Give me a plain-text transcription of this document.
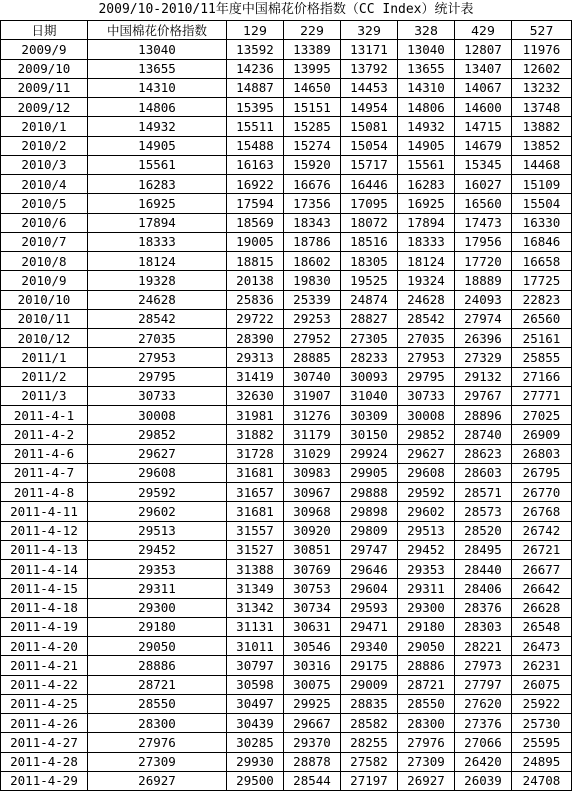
2009/10-2010/11年度中国棉花价格指数（CC Index）统计表
日期	中国棉花价格指数	129	229	329	328	429	527
2009/9	13040	13592	13389	13171	13040	12807	11976
2009/10	13655	14236	13995	13792	13655	13407	12602
2009/11	14310	14887	14650	14453	14310	14067	13232
2009/12	14806	15395	15151	14954	14806	14600	13748
2010/1	14932	15511	15285	15081	14932	14715	13882
2010/2	14905	15488	15274	15054	14905	14679	13852
2010/3	15561	16163	15920	15717	15561	15345	14468
2010/4	16283	16922	16676	16446	16283	16027	15109
2010/5	16925	17594	17356	17095	16925	16560	15504
2010/6	17894	18569	18343	18072	17894	17473	16330
2010/7	18333	19005	18786	18516	18333	17956	16846
2010/8	18124	18815	18602	18305	18124	17720	16658
2010/9	19328	20138	19830	19525	19324	18889	17725
2010/10	24628	25836	25339	24874	24628	24093	22823
2010/11	28542	29722	29253	28827	28542	27974	26560
2010/12	27035	28390	27952	27305	27035	26396	25161
2011/1	27953	29313	28885	28233	27953	27329	25855
2011/2	29795	31419	30740	30093	29795	29132	27166
2011/3	30733	32630	31907	31040	30733	29767	27771
2011-4-1	30008	31981	31276	30309	30008	28896	27025
2011-4-2	29852	31882	31179	30150	29852	28740	26909
2011-4-6	29627	31728	31029	29924	29627	28623	26803
2011-4-7	29608	31681	30983	29905	29608	28603	26795
2011-4-8	29592	31657	30967	29888	29592	28571	26770
2011-4-11	29602	31681	30968	29898	29602	28573	26768
2011-4-12	29513	31557	30920	29809	29513	28520	26742
2011-4-13	29452	31527	30851	29747	29452	28495	26721
2011-4-14	29353	31388	30769	29646	29353	28440	26677
2011-4-15	29311	31349	30753	29604	29311	28406	26642
2011-4-18	29300	31342	30734	29593	29300	28376	26628
2011-4-19	29180	31131	30631	29471	29180	28303	26548
2011-4-20	29050	31011	30546	29340	29050	28221	26473
2011-4-21	28886	30797	30316	29175	28886	27973	26231
2011-4-22	28721	30598	30075	29009	28721	27797	26075
2011-4-25	28550	30497	29925	28835	28550	27620	25922
2011-4-26	28300	30439	29667	28582	28300	27376	25730
2011-4-27	27976	30285	29370	28255	27976	27066	25595
2011-4-28	27309	29930	28878	27582	27309	26420	24895
2011-4-29	26927	29500	28544	27197	26927	26039	24708
